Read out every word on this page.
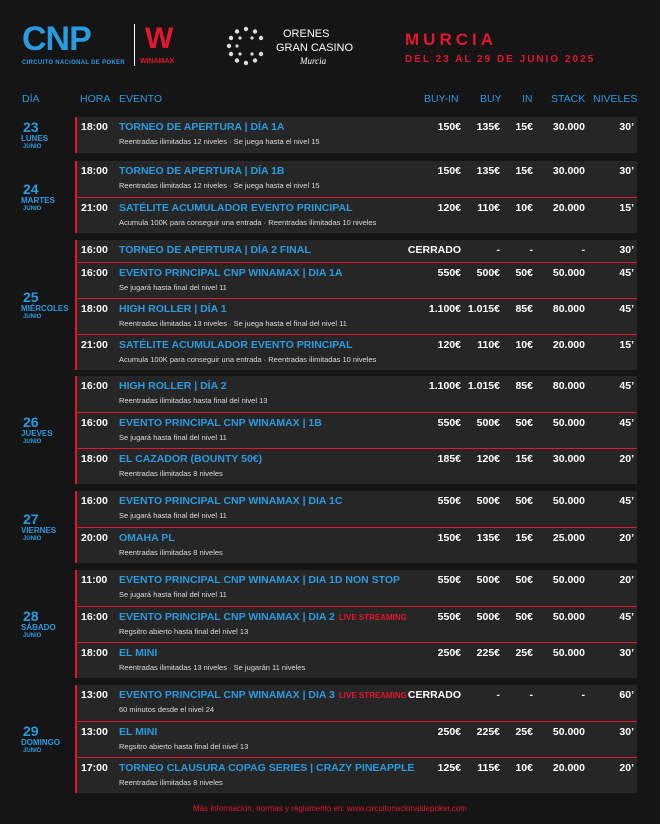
CNP
CIRCUITO NACIONAL DE POKER
W
WINAMAX
ORENES
GRAN CASINO
Murcia
MURCIA
DEL 23 AL 29 DE JUNIO 2025
DÍA	HORA EVENTO	BUY-IN BUY IN STACK NIVELES
23
LUNES
JUNIO
18:00 TORNEO DE APERTURA | DÍA 1A
Reentradas ilimitadas 12 niveles · Se juega hasta el nivel 15
150€ 135€ 15€ 30.000	30’
24
MARTES
JUNIO
18:00 TORNEO DE APERTURA | DÍA 1B
Reentradas ilimitadas 12 niveles · Se juega hasta el nivel 15
150€ 135€ 15€ 30.000	30’
21:00 SATÉLITE ACUMULADOR EVENTO PRINCIPAL
Acumula 100K para conseguir una entrada · Reentradas ilimitadas 10 niveles
120€ 110€ 10€ 20.000	15’
25
MIÉRCOLES
JUNIO
16:00 TORNEO DE APERTURA | DÍA 2 FINAL	CERRADO	-	-	-	30’
16:00 EVENTO PRINCIPAL CNP WINAMAX | DIA 1A
Se jugará hasta final del nivel 11
550€ 500€ 50€ 50.000	45’
18:00 HIGH ROLLER | DÍA 1
Reentradas ilimitadas 13 niveles · Se juega hasta el final del nivel 11
1.100€ 1.015€ 85€ 80.000	45’
21:00 SATÉLITE ACUMULADOR EVENTO PRINCIPAL
Acumula 100K para conseguir una entrada · Reentradas ilimitadas 10 niveles
120€ 110€ 10€ 20.000	15’
26
JUEVES
JUNIO
16:00 HIGH ROLLER | DÍA 2
Reentradas ilimitadas hasta final del nivel 13
1.100€ 1.015€ 85€ 80.000	45’
16:00 EVENTO PRINCIPAL CNP WINAMAX | 1B
Se jugará hasta final del nivel 11
550€ 500€ 50€ 50.000	45’
18:00 EL CAZADOR (BOUNTY 50€)
Reentradas ilimitadas 8 niveles
185€ 120€ 15€ 30.000	20’
27
VIERNES
JUNIO
16:00 EVENTO PRINCIPAL CNP WINAMAX | DIA 1C
Se jugará hasta final del nivel 11
550€ 500€ 50€ 50.000	45’
20:00 OMAHA PL
Reentradas ilimitadas 8 niveles
150€ 135€ 15€ 25.000	20’
28
SÁBADO
JUNIO
11:00 EVENTO PRINCIPAL CNP WINAMAX | DIA 1D NON STOP
Se jugará hasta final del nivel 11
550€ 500€ 50€ 50.000	20’
16:00 EVENTO PRINCIPAL CNP WINAMAX | DIA 2 LIVE STREAMING
Regsitro abierto hasta final del nivel 13
550€ 500€ 50€ 50.000	45’
18:00 EL MINI
Reentradas ilimitadas 13 niveles · Se jugarán 11 niveles
250€ 225€ 25€ 50.000	30’
29
DOMINGO
JUNIO
13:00 EVENTO PRINCIPAL CNP WINAMAX | DIA 3 LIVE STREAMING
60 minutos desde el nivel 24
CERRADO	-	-	-	60’
13:00 EL MINI
Regsitro abierto hasta final del nivel 13
250€ 225€ 25€ 50.000	30’
17:00 TORNEO CLAUSURA COPAG SERIES | CRAZY PINEAPPLE
Reentradas ilimitadas 8 niveles
125€ 115€ 10€ 20.000	20’
Más información, normas y reglamento en: www.circuitonacionaldepoker.com
